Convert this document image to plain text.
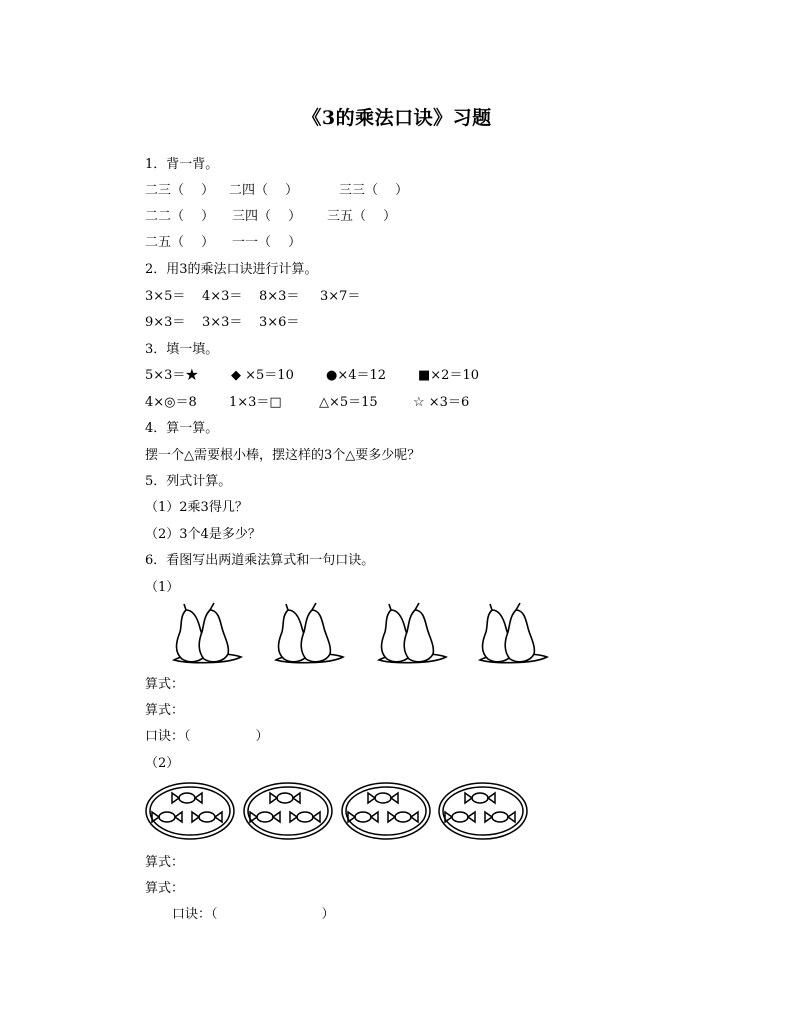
《3的乘法口诀》习题
1．背一背。
二三（　 ） 二四（　 ）	三三（　 ）
二二（　 ） 三四（　 ） 三五（　 ）
二五（　 ） 一一（　 ）
2．用3的乘法口诀进行计算。
3×5＝ 4×3＝ 8×3＝ 3×7＝
9×3＝ 3×3＝ 3×6＝
3．填一填。
5×3＝★	◆ ×5＝10 ●×4＝12 ■×2＝10
4×◎＝8 1×3＝□	△×5＝15	☆ ×3＝6
4．算一算。
摆一个△需要根小棒，摆这样的3个△要多少呢？
5．列式计算。
（1）2乘3得几？
（2）3个4是多少？
6．看图写出两道乘法算式和一句口诀。
（1）
算式：
算式：
口诀：（　　　　　）
（2）
算式：
算式：
口诀：（　　　　　　　　）
